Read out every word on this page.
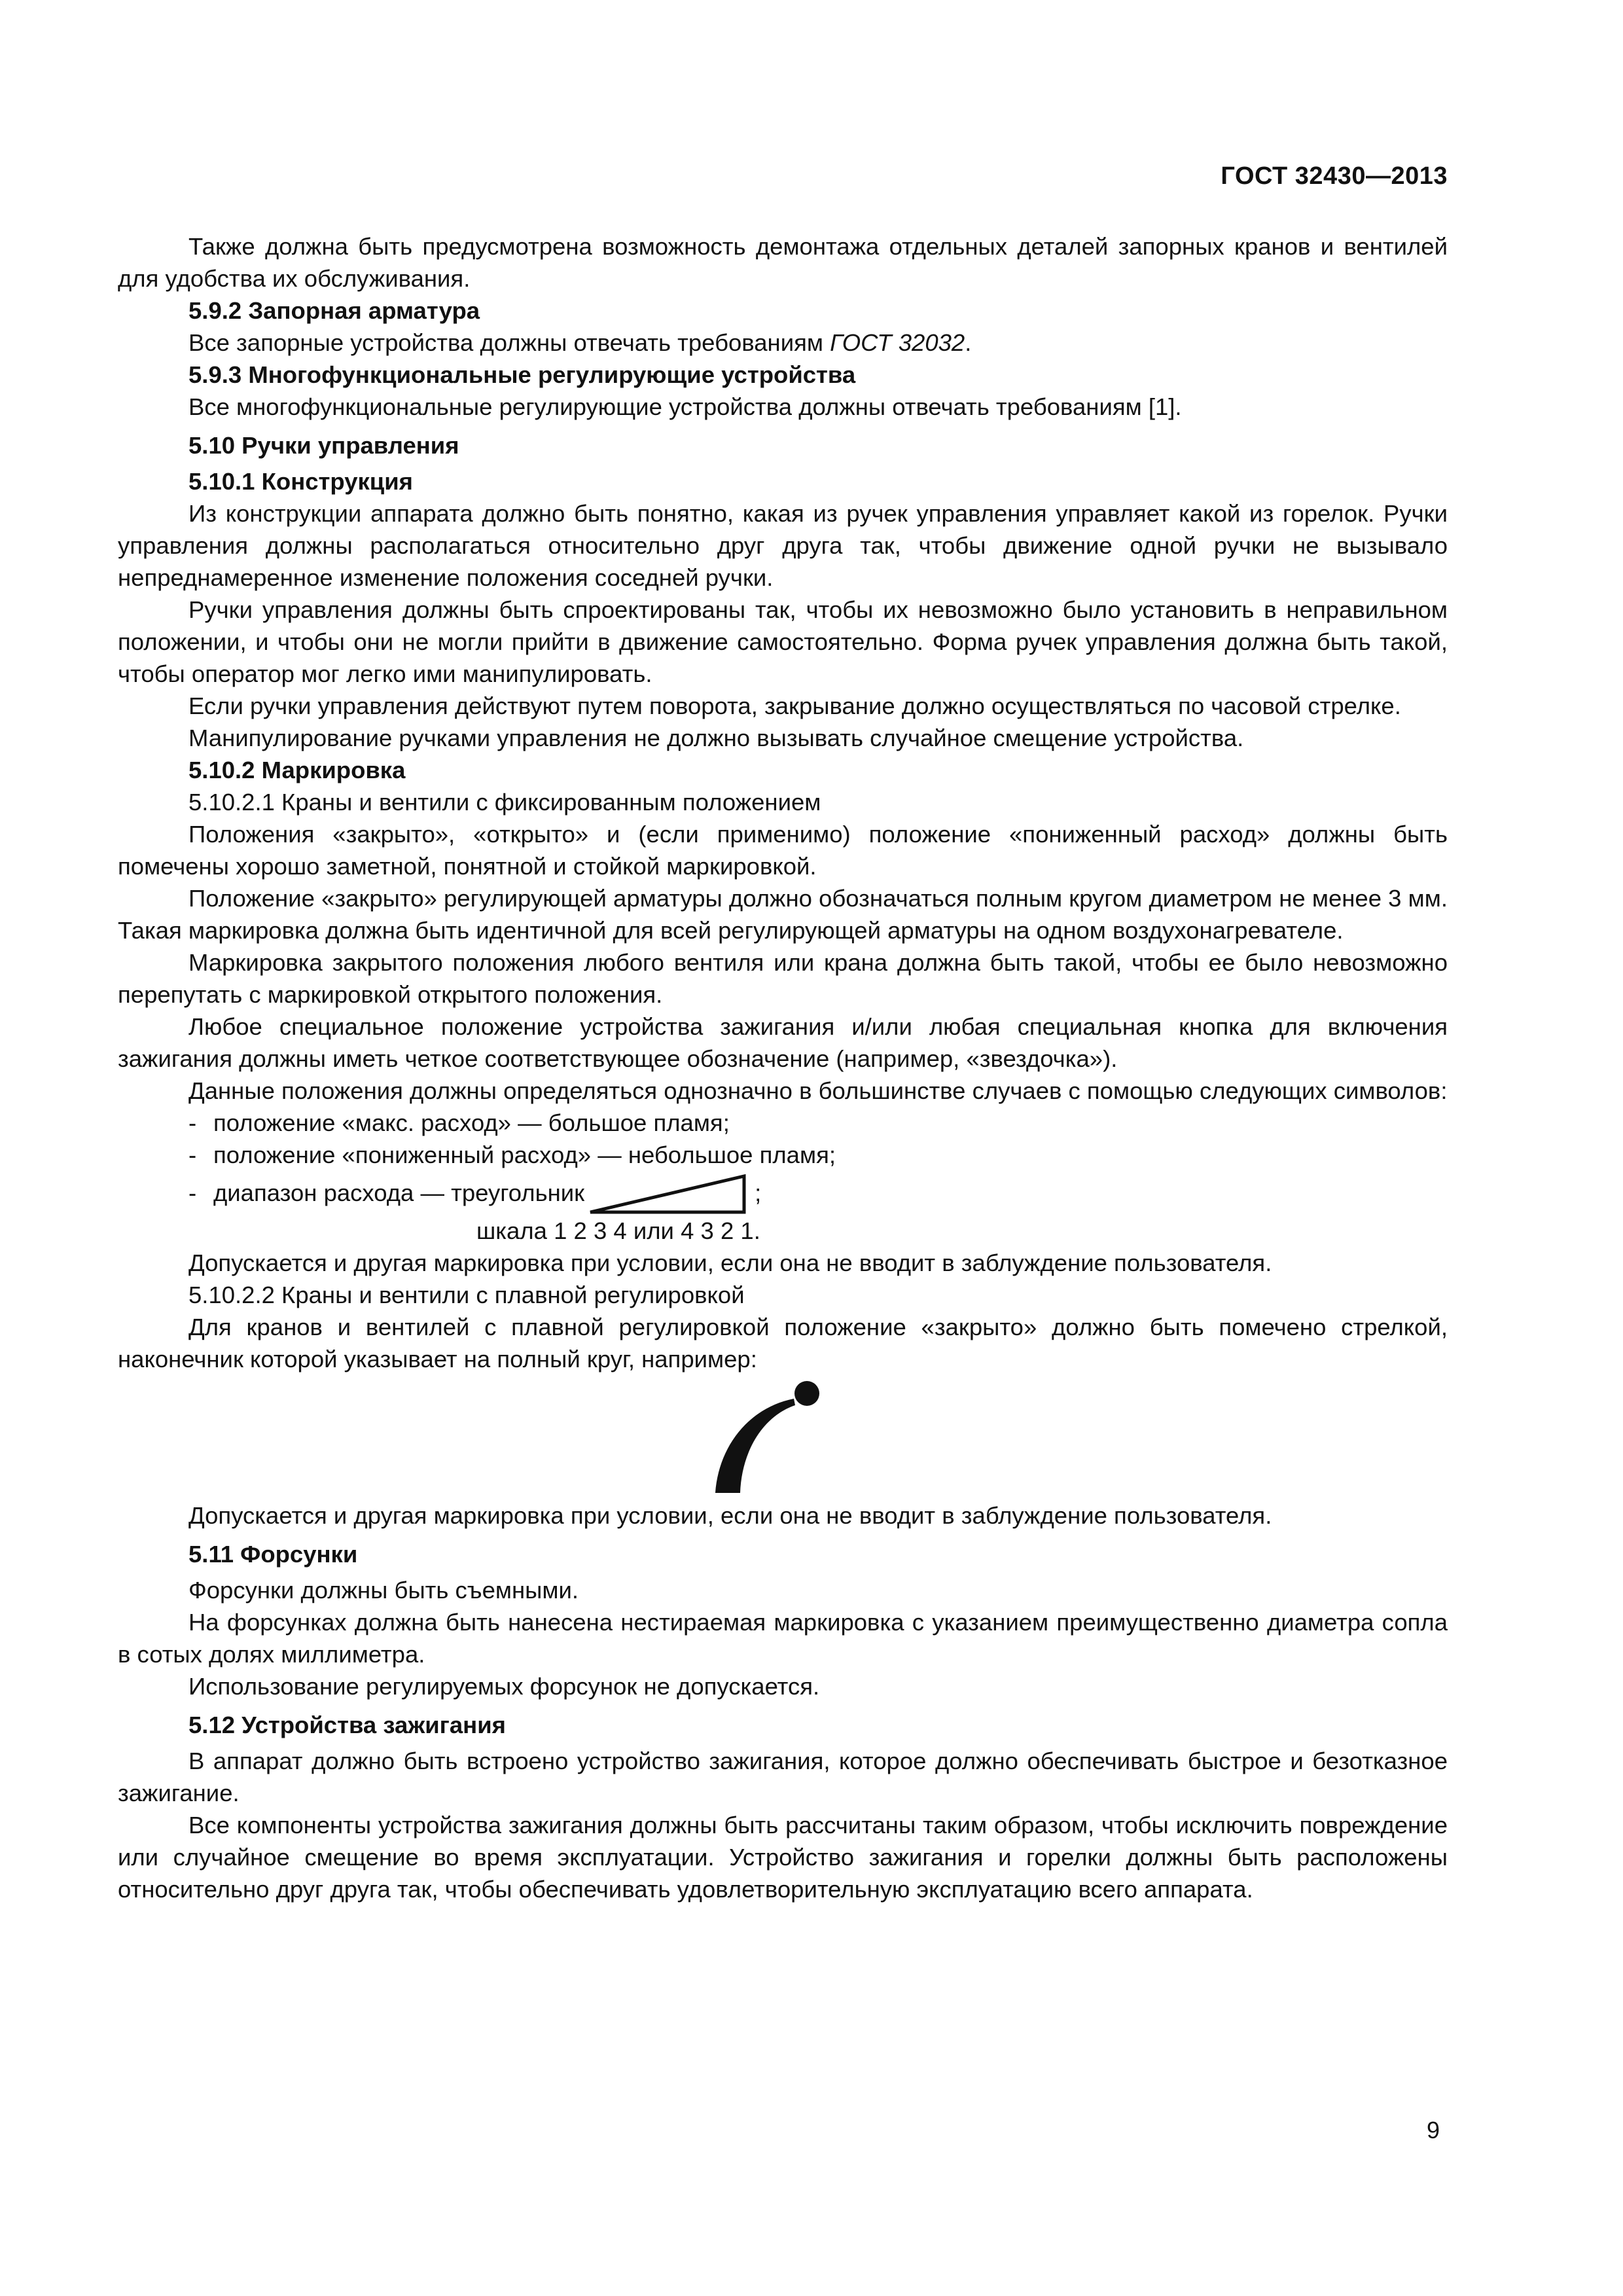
ГОСТ 32430—2013

Также должна быть предусмотрена возможность демонтажа отдельных деталей запорных кранов и вентилей для удобства их обслуживания.

5.9.2 Запорная арматура

Все запорные устройства должны отвечать требованиям ГОСТ 32032.

5.9.3 Многофункциональные регулирующие устройства

Все многофункциональные регулирующие устройства должны отвечать требованиям [1].

5.10 Ручки управления

5.10.1 Конструкция

Из конструкции аппарата должно быть понятно, какая из ручек управления управляет какой из горелок. Ручки управления должны располагаться относительно друг друга так, чтобы движение одной ручки не вызывало непреднамеренное изменение положения соседней ручки.

Ручки управления должны быть спроектированы так, чтобы их невозможно было установить в неправильном положении, и чтобы они не могли прийти в движение самостоятельно. Форма ручек управления должна быть такой, чтобы оператор мог легко ими манипулировать.

Если ручки управления действуют путем поворота, закрывание должно осуществляться по часовой стрелке.

Манипулирование ручками управления не должно вызывать случайное смещение устройства.

5.10.2 Маркировка

5.10.2.1 Краны и вентили с фиксированным положением

Положения «закрыто», «открыто» и (если применимо) положение «пониженный расход» должны быть помечены хорошо заметной, понятной и стойкой маркировкой.

Положение «закрыто» регулирующей арматуры должно обозначаться полным кругом диаметром не менее 3 мм. Такая маркировка должна быть идентичной для всей регулирующей арматуры на одном воздухонагревателе.

Маркировка закрытого положения любого вентиля или крана должна быть такой, чтобы ее было невозможно перепутать с маркировкой открытого положения.

Любое специальное положение устройства зажигания и/или любая специальная кнопка для включения зажигания должны иметь четкое соответствующее обозначение (например, «звездочка»).

Данные положения должны определяться однозначно в большинстве случаев с помощью следующих символов:

- положение «макс. расход» — большое пламя;

- положение «пониженный расход» — небольшое пламя;

- диапазон расхода — треугольник	;

шкала 1 2 3 4 или 4 3 2 1.

Допускается и другая маркировка при условии, если она не вводит в заблуждение пользователя.

5.10.2.2 Краны и вентили с плавной регулировкой

Для кранов и вентилей с плавной регулировкой положение «закрыто» должно быть помечено стрелкой, наконечник которой указывает на полный круг, например:

Допускается и другая маркировка при условии, если она не вводит в заблуждение пользователя.

5.11 Форсунки

Форсунки должны быть съемными.

На форсунках должна быть нанесена нестираемая маркировка с указанием преимущественно диаметра сопла в сотых долях миллиметра.

Использование регулируемых форсунок не допускается.

5.12 Устройства зажигания

В аппарат должно быть встроено устройство зажигания, которое должно обеспечивать быстрое и безотказное зажигание.

Все компоненты устройства зажигания должны быть рассчитаны таким образом, чтобы исключить повреждение или случайное смещение во время эксплуатации. Устройство зажигания и горелки должны быть расположены относительно друг друга так, чтобы обеспечивать удовлетворительную эксплуатацию всего аппарата.

9
